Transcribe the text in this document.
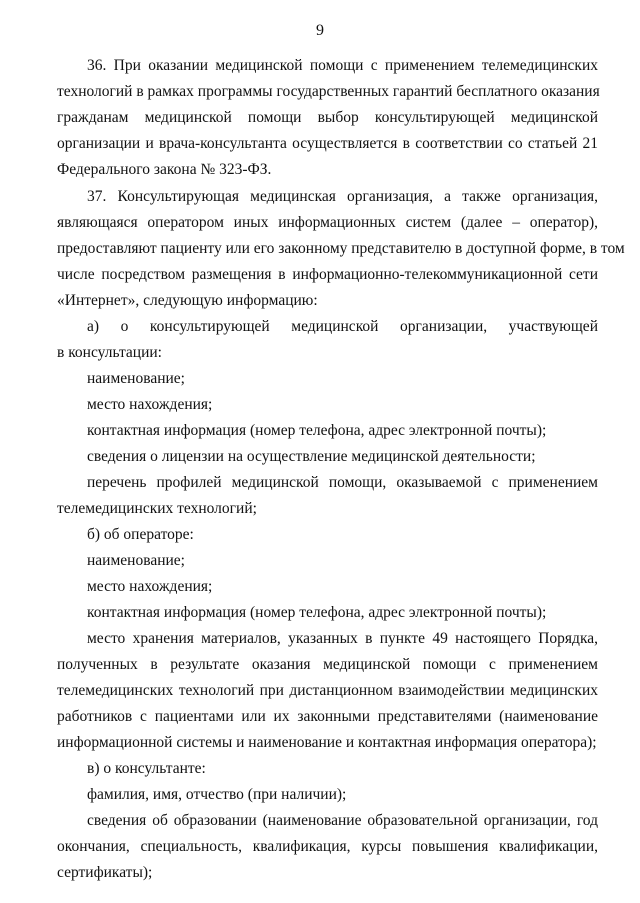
9
36. При оказании медицинской помощи с применением телемедицинских
технологий в рамках программы государственных гарантий бесплатного оказания
гражданам медицинской помощи выбор консультирующей медицинской
организации и врача-консультанта осуществляется в соответствии со статьей 21
Федерального закона № 323-ФЗ.
37. Консультирующая медицинская организация, а также организация,
являющаяся оператором иных информационных систем (далее – оператор),
предоставляют пациенту или его законному представителю в доступной форме, в том
числе посредством размещения в информационно-телекоммуникационной сети
«Интернет», следующую информацию:
а) о консультирующей медицинской организации, участвующей
в консультации:
наименование;
место нахождения;
контактная информация (номер телефона, адрес электронной почты);
сведения о лицензии на осуществление медицинской деятельности;
перечень профилей медицинской помощи, оказываемой с применением
телемедицинских технологий;
б) об операторе:
наименование;
место нахождения;
контактная информация (номер телефона, адрес электронной почты);
место хранения материалов, указанных в пункте 49 настоящего Порядка,
полученных в результате оказания медицинской помощи с применением
телемедицинских технологий при дистанционном взаимодействии медицинских
работников с пациентами или их законными представителями (наименование
информационной системы и наименование и контактная информация оператора);
в) о консультанте:
фамилия, имя, отчество (при наличии);
сведения об образовании (наименование образовательной организации, год
окончания, специальность, квалификация, курсы повышения квалификации,
сертификаты);
